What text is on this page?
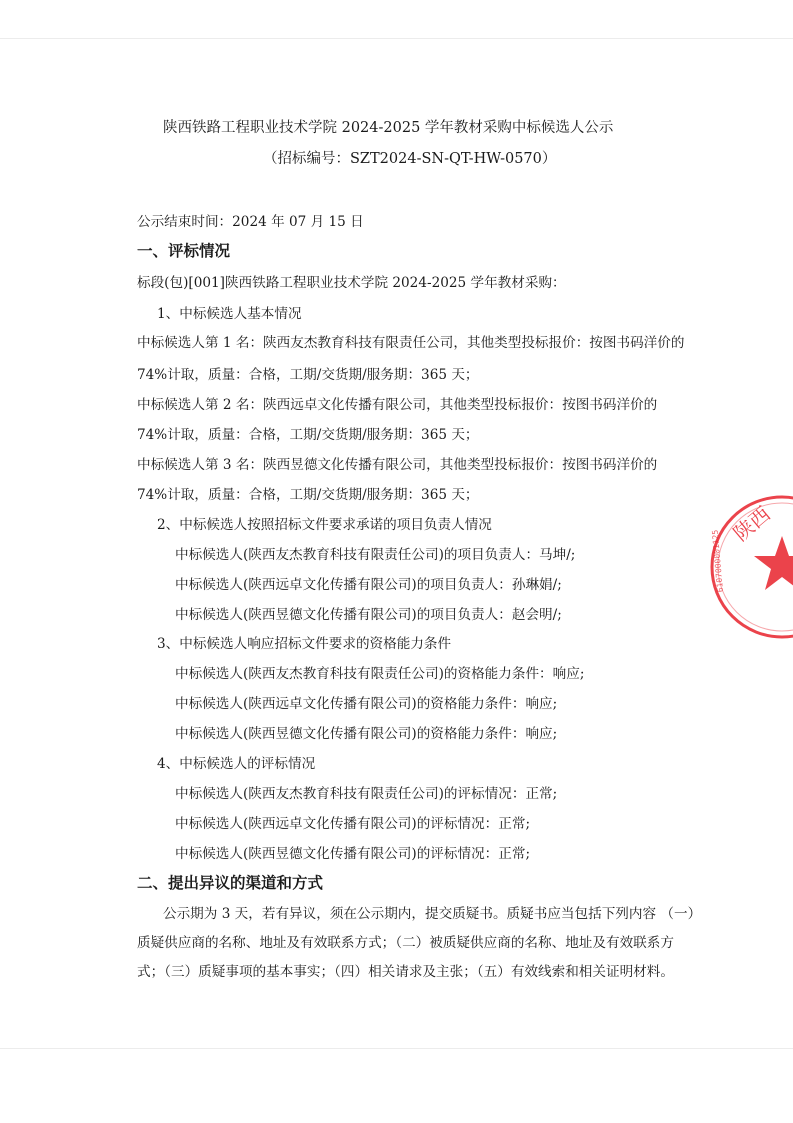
陕西铁路工程职业技术学院 2024-2025 学年教材采购中标候选人公示
（招标编号：SZT2024-SN-QT-HW-0570）
公示结束时间：2024 年 07 月 15 日
一、评标情况
标段(包)[001]陕西铁路工程职业技术学院 2024-2025 学年教材采购：
1、中标候选人基本情况
中标候选人第 1 名：陕西友杰教育科技有限责任公司，其他类型投标报价：按图书码洋价的
74%计取，质量：合格，工期/交货期/服务期：365 天；
中标候选人第 2 名：陕西远卓文化传播有限公司，其他类型投标报价：按图书码洋价的
74%计取，质量：合格，工期/交货期/服务期：365 天；
中标候选人第 3 名：陕西昱德文化传播有限公司，其他类型投标报价：按图书码洋价的
74%计取，质量：合格，工期/交货期/服务期：365 天；
2、中标候选人按照招标文件要求承诺的项目负责人情况
中标候选人(陕西友杰教育科技有限责任公司)的项目负责人：马坤/;
中标候选人(陕西远卓文化传播有限公司)的项目负责人：孙琳娟/;
中标候选人(陕西昱德文化传播有限公司)的项目负责人：赵会明/;
3、中标候选人响应招标文件要求的资格能力条件
中标候选人(陕西友杰教育科技有限责任公司)的资格能力条件：响应;
中标候选人(陕西远卓文化传播有限公司)的资格能力条件：响应;
中标候选人(陕西昱德文化传播有限公司)的资格能力条件：响应;
4、中标候选人的评标情况
中标候选人(陕西友杰教育科技有限责任公司)的评标情况：正常;
中标候选人(陕西远卓文化传播有限公司)的评标情况：正常;
中标候选人(陕西昱德文化传播有限公司)的评标情况：正常;
二、提出异议的渠道和方式
公示期为 3 天，若有异议，须在公示期内，提交质疑书。质疑书应当包括下列内容 （一）
质疑供应商的名称、地址及有效联系方式；（二）被质疑供应商的名称、地址及有效联系方
式；（三）质疑事项的基本事实；（四）相关请求及主张；（五）有效线索和相关证明材料。
陕西
6107000001125
